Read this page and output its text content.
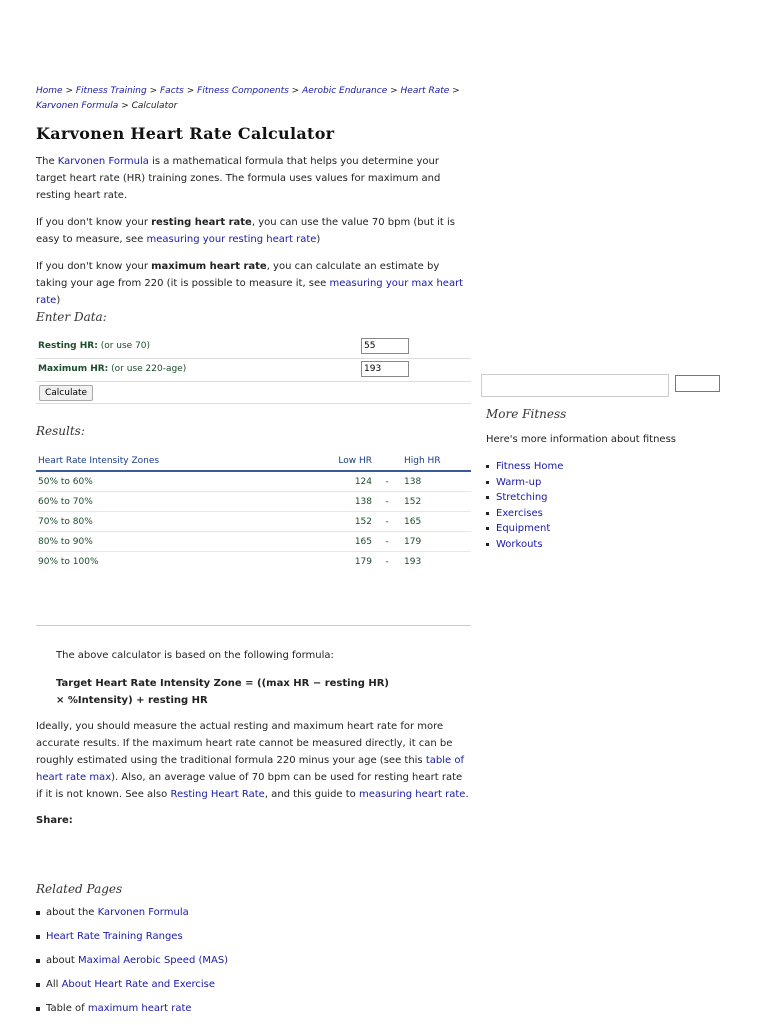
Home > Fitness Training > Facts > Fitness Components > Aerobic Endurance > Heart Rate >
Karvonen Formula > Calculator
Karvonen Heart Rate Calculator

The Karvonen Formula is a mathematical formula that helps you determine your target heart rate (HR) training zones. The formula uses values for maximum and resting heart rate.

If you don't know your resting heart rate, you can use the value 70 bpm (but it is easy to measure, see measuring your resting heart rate)

If you don't know your maximum heart rate, you can calculate an estimate by taking your age from 220 (it is possible to measure it, see measuring your max heart rate)

Enter Data:
Resting HR: (or use 70)
55
Maximum HR: (or use 220-age)
193
Calculate
Results:
Heart Rate Intensity Zones	Low HR		High HR
50% to 60%	124	-	138
60% to 70%	138	-	152
70% to 80%	152	-	165
80% to 90%	165	-	179
90% to 100%	179	-	193

The above calculator is based on the following formula:

Target Heart Rate Intensity Zone = ((max HR − resting HR)
× %Intensity) + resting HR

Ideally, you should measure the actual resting and maximum heart rate for more accurate results. If the maximum heart rate cannot be measured directly, it can be roughly estimated using the traditional formula 220 minus your age (see this table of heart rate max). Also, an average value of 70 bpm can be used for resting heart rate if it is not known. See also Resting Heart Rate, and this guide to measuring heart rate.

Share:
Related Pages
about the Karvonen Formula
Heart Rate Training Ranges
about Maximal Aerobic Speed (MAS)
All About Heart Rate and Exercise
Table of maximum heart rate
More Fitness
Here's more information about fitness
Fitness Home
Warm-up
Stretching
Exercises
Equipment
Workouts
